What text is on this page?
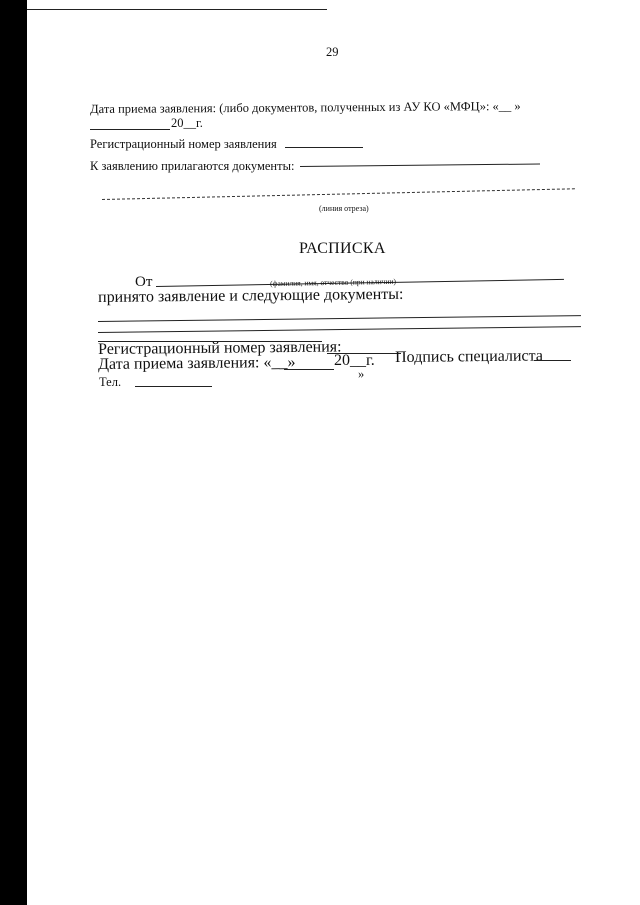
29
Дата приема заявления: (либо документов, полученных из АУ КО «МФЦ»: «__ »
20__г.
Регистрационный номер заявления
К заявлению прилагаются документы:
(линия отреза)
РАСПИСКА
От	(фамилия, имя, отчество (при наличии)
принято заявление и следующие документы:
Регистрационный номер заявления:
Дата приема заявления: «__» 20__г.
»
Подпись специалиста
Тел.
